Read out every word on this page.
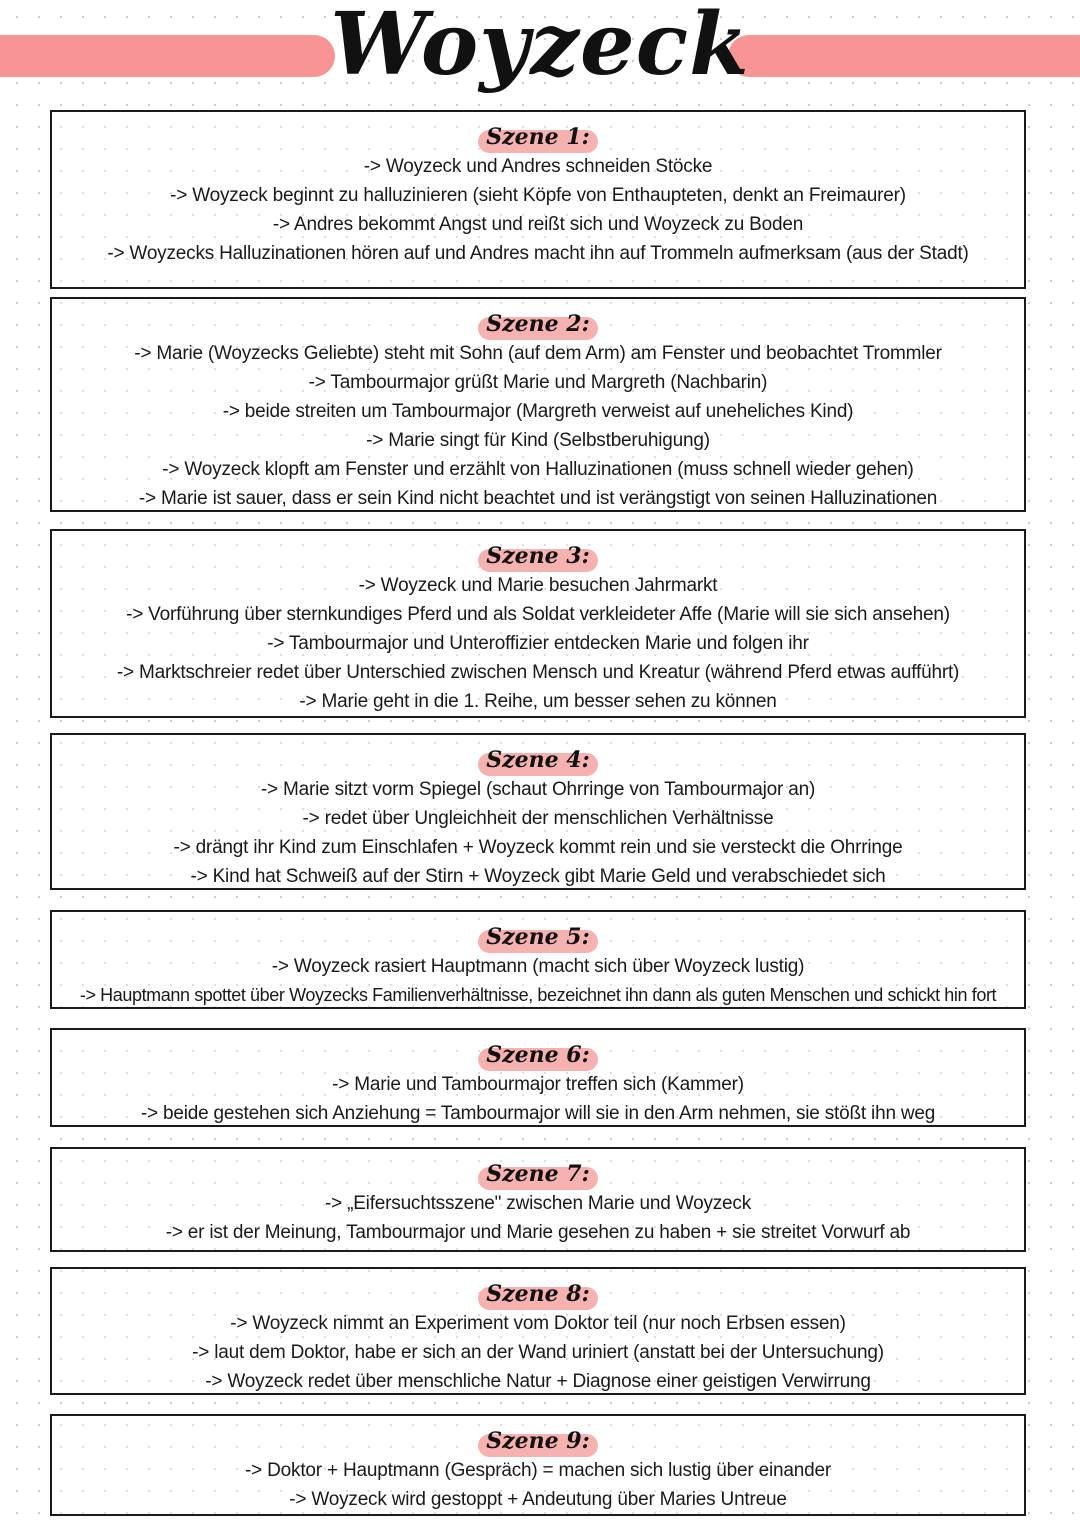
Woyzeck
Szene 1:
-> Woyzeck und Andres schneiden Stöcke
-> Woyzeck beginnt zu halluzinieren (sieht Köpfe von Enthaupteten, denkt an Freimaurer)
-> Andres bekommt Angst und reißt sich und Woyzeck zu Boden
-> Woyzecks Halluzinationen hören auf und Andres macht ihn auf Trommeln aufmerksam (aus der Stadt)
Szene 2:
-> Marie (Woyzecks Geliebte) steht mit Sohn (auf dem Arm) am Fenster und beobachtet Trommler
-> Tambourmajor grüßt Marie und Margreth (Nachbarin)
-> beide streiten um Tambourmajor (Margreth verweist auf uneheliches Kind)
-> Marie singt für Kind (Selbstberuhigung)
-> Woyzeck klopft am Fenster und erzählt von Halluzinationen (muss schnell wieder gehen)
-> Marie ist sauer, dass er sein Kind nicht beachtet und ist verängstigt von seinen Halluzinationen
Szene 3:
-> Woyzeck und Marie besuchen Jahrmarkt
-> Vorführung über sternkundiges Pferd und als Soldat verkleideter Affe (Marie will sie sich ansehen)
-> Tambourmajor und Unteroffizier entdecken Marie und folgen ihr
-> Marktschreier redet über Unterschied zwischen Mensch und Kreatur (während Pferd etwas aufführt)
-> Marie geht in die 1. Reihe, um besser sehen zu können
Szene 4:
-> Marie sitzt vorm Spiegel (schaut Ohrringe von Tambourmajor an)
-> redet über Ungleichheit der menschlichen Verhältnisse
-> drängt ihr Kind zum Einschlafen + Woyzeck kommt rein und sie versteckt die Ohrringe
-> Kind hat Schweiß auf der Stirn + Woyzeck gibt Marie Geld und verabschiedet sich
Szene 5:
-> Woyzeck rasiert Hauptmann (macht sich über Woyzeck lustig)
-> Hauptmann spottet über Woyzecks Familienverhältnisse, bezeichnet ihn dann als guten Menschen und schickt hin fort
Szene 6:
-> Marie und Tambourmajor treffen sich (Kammer)
-> beide gestehen sich Anziehung = Tambourmajor will sie in den Arm nehmen, sie stößt ihn weg
Szene 7:
-> „Eifersuchtsszene" zwischen Marie und Woyzeck
-> er ist der Meinung, Tambourmajor und Marie gesehen zu haben + sie streitet Vorwurf ab
Szene 8:
-> Woyzeck nimmt an Experiment vom Doktor teil (nur noch Erbsen essen)
-> laut dem Doktor, habe er sich an der Wand uriniert (anstatt bei der Untersuchung)
-> Woyzeck redet über menschliche Natur + Diagnose einer geistigen Verwirrung
Szene 9:
-> Doktor + Hauptmann (Gespräch) = machen sich lustig über einander
-> Woyzeck wird gestoppt + Andeutung über Maries Untreue
